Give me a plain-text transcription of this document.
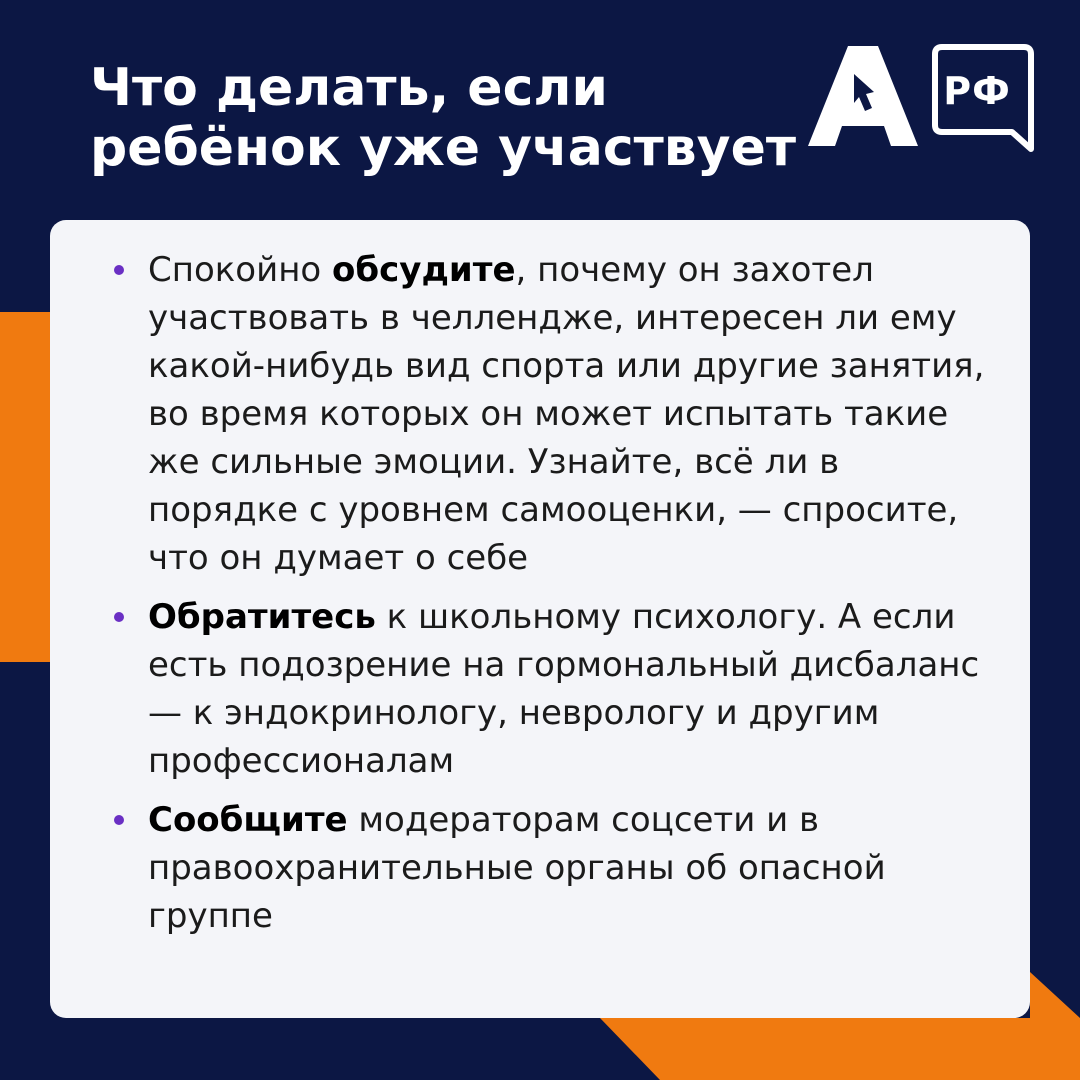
Что делать, если ребёнок уже участвует
РФ
Спокойно обсудите, почему он захотел участвовать в челлендже, интересен ли ему какой-нибудь вид спорта или другие занятия, во время которых он может испытать такие же сильные эмоции. Узнайте, всё ли в порядке с уровнем самооценки, — спросите, что он думает о себе
Обратитесь к школьному психологу. А если есть подозрение на гормональный дисбаланс — к эндокринологу, неврологу и другим профессионалам
Сообщите модераторам соцсети и в правоохранительные органы об опасной группе
